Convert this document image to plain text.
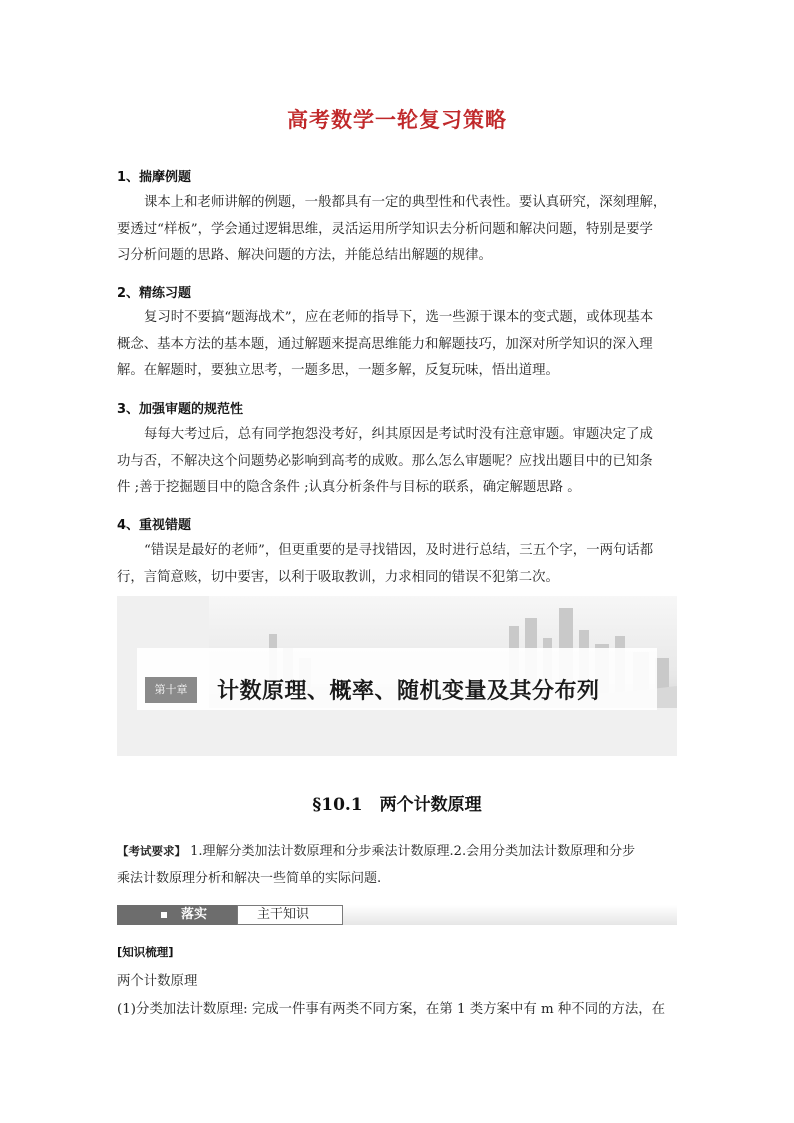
高考数学一轮复习策略
1、揣摩例题
课本上和老师讲解的例题，一般都具有一定的典型性和代表性。要认真研究，深刻理解，
要透过“样板”，学会通过逻辑思维，灵活运用所学知识去分析问题和解决问题，特别是要学
习分析问题的思路、解决问题的方法，并能总结出解题的规律。
2、精练习题
复习时不要搞“题海战术”，应在老师的指导下，选一些源于课本的变式题，或体现基本
概念、基本方法的基本题，通过解题来提高思维能力和解题技巧，加深对所学知识的深入理
解。在解题时，要独立思考，一题多思，一题多解，反复玩味，悟出道理。
3、加强审题的规范性
每每大考过后，总有同学抱怨没考好，纠其原因是考试时没有注意审题。审题决定了成
功与否，不解决这个问题势必影响到高考的成败。那么怎么审题呢？应找出题目中的已知条
件 ;善于挖掘题目中的隐含条件 ;认真分析条件与目标的联系，确定解题思路 。
4、重视错题
“错误是最好的老师”，但更重要的是寻找错因，及时进行总结，三五个字，一两句话都
行，言简意赅，切中要害，以利于吸取教训，力求相同的错误不犯第二次。
第十章	计数原理、概率、随机变量及其分布列
§10.1　两个计数原理
【考试要求】 1.理解分类加法计数原理和分步乘法计数原理.2.会用分类加法计数原理和分步
乘法计数原理分析和解决一些简单的实际问题.
落实	主干知识
[知识梳理]
两个计数原理
(1)分类加法计数原理: 完成一件事有两类不同方案，在第 1 类方案中有 m 种不同的方法，在
